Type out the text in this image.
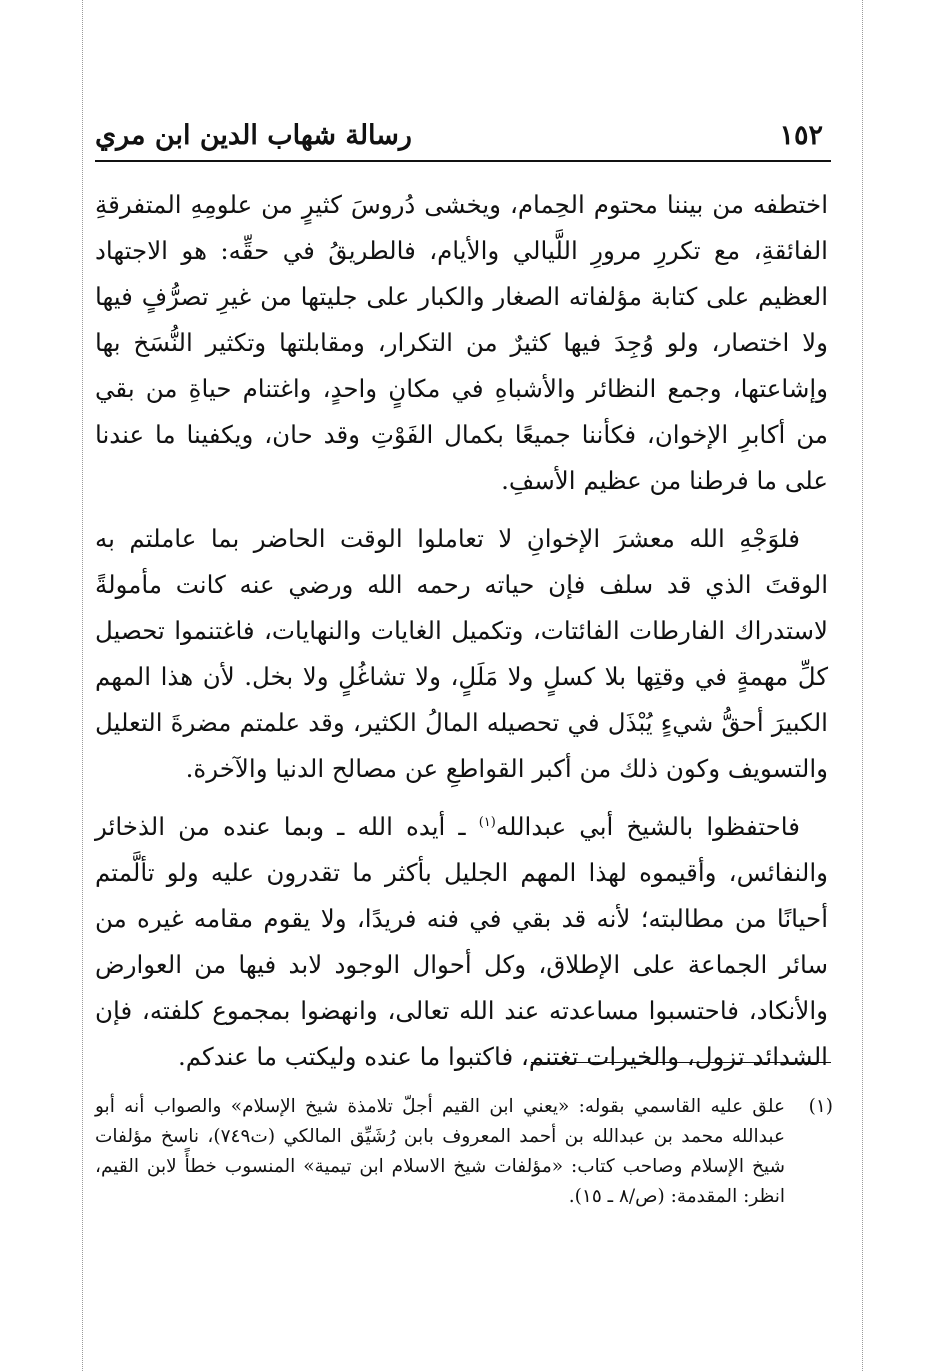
١٥٢
رسالة شهاب الدين ابن مري

اختطفه من بيننا محتوم الحِمام، ويخشى دُروسَ كثيرٍ من علومِهِ المتفرقةِ الفائقةِ، مع تكررِ مرورِ اللَّيالي والأيام، فالطريقُ في حقِّه: هو الاجتهاد العظيم على كتابة مؤلفاته الصغار والكبار على جليتها من غيرِ تصرُّفٍ فيها ولا اختصار، ولو وُجِدَ فيها كثيرٌ من التكرار، ومقابلتها وتكثير النُّسَخ بها وإشاعتها، وجمع النظائر والأشباهِ في مكانٍ واحدٍ، واغتنام حياةِ من بقي من أكابرِ الإخوان، فكأننا جميعًا بكمال الفَوْتِ وقد حان، ويكفينا ما عندنا على ما فرطنا من عظيم الأسفِ.

فلوَجْهِ الله معشرَ الإخوانِ لا تعاملوا الوقت الحاضر بما عاملتم به الوقتَ الذي قد سلف فإن حياته رحمه الله ورضي عنه كانت مأمولةً لاستدراك الفارطات الفائتات، وتكميل الغايات والنهايات، فاغتنموا تحصيل كلِّ مهمةٍ في وقتِها بلا كسلٍ ولا مَلَلٍ، ولا تشاغُلٍ ولا بخل. لأن هذا المهم الكبيرَ أحقُّ شيءٍ يُبْذَل في تحصيله المالُ الكثير، وقد علمتم مضرةَ التعليل والتسويف وكون ذلك من أكبر القواطعِ عن مصالح الدنيا والآخرة.

فاحتفظوا بالشيخ أبي عبدالله$^{(١)}$ ـ أيده الله ـ وبما عنده من الذخائر والنفائس، وأقيموه لهذا المهم الجليل بأكثر ما تقدرون عليه ولو تألَّمتم أحيانًا من مطالبته؛ لأنه قد بقي في فنه فريدًا، ولا يقوم مقامه غيره من سائر الجماعة على الإطلاق، وكل أحوال الوجود لابد فيها من العوارض والأنكاد، فاحتسبوا مساعدته عند الله تعالى، وانهضوا بمجموع كلفته، فإن الشدائد تزول، والخيرات تغتنم، فاكتبوا ما عنده وليكتب ما عندكم.

(١)
علق عليه القاسمي بقوله: «يعني ابن القيم أجلّ تلامذة شيخ الإسلام» والصواب أنه أبو عبدالله محمد بن عبدالله بن أحمد المعروف بابن رُشَيِّق المالكي (ت٧٤٩)، ناسخ مؤلفات شيخ الإسلام وصاحب كتاب: «مؤلفات شيخ الاسلام ابن تيمية» المنسوب خطأً لابن القيم، انظر: المقدمة: (ص/٨ ـ ١٥).
